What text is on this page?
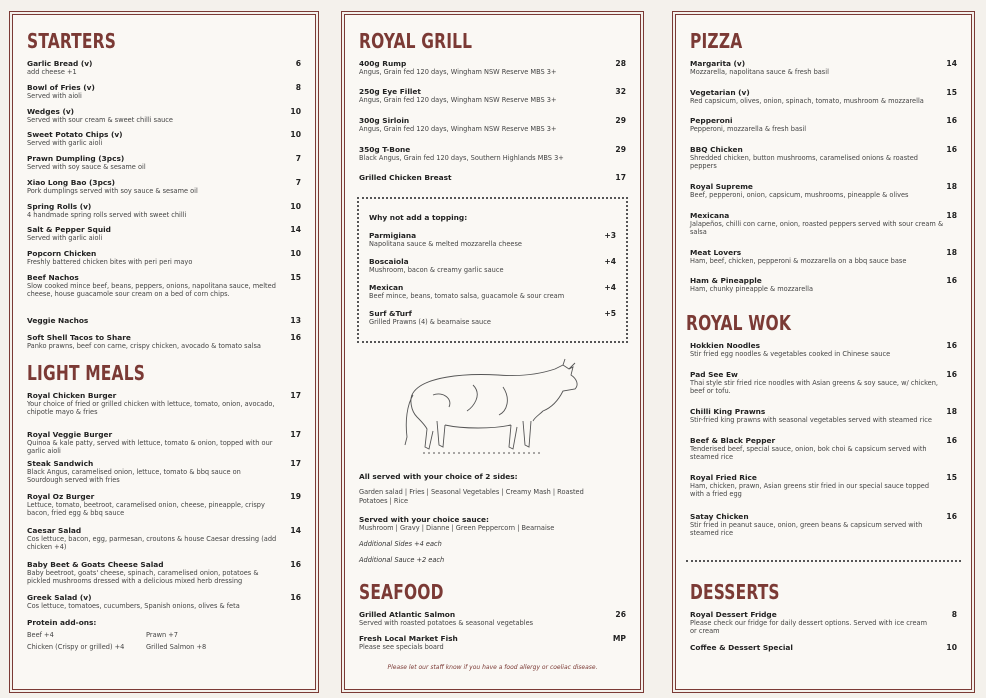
STARTERS
Garlic Bread (v)
add cheese +1
6
Bowl of Fries (v)
Served with aioli
8
Wedges (v)
Served with sour cream & sweet chilli sauce
10
Sweet Potato Chips (v)
Served with garlic aioli
10
Prawn Dumpling (3pcs)
Served with soy sauce & sesame oil
7
Xiao Long Bao (3pcs)
Pork dumplings served with soy sauce & sesame oil
7
Spring Rolls (v)
4 handmade spring rolls served with sweet chilli
10
Salt & Pepper Squid
Served with garlic aioli
14
Popcorn Chicken
Freshly battered chicken bites with peri peri mayo
10
Beef Nachos
Slow cooked mince beef, beans, peppers, onions, napolitana sauce, melted cheese, house guacamole sour cream on a bed of corn chips.
15
Veggie Nachos	13
Soft Shell Tacos to Share
Panko prawns, beef con carne, crispy chicken, avocado & tomato salsa
16
LIGHT MEALS
Royal Chicken Burger
Your choice of fried or grilled chicken with lettuce, tomato, onion, avocado, chipotle mayo & fries
17
Royal Veggie Burger
Quinoa & kale patty, served with lettuce, tomato & onion, topped with our garlic aioli
17
Steak Sandwich
Black Angus, caramelised onion, lettuce, tomato & bbq sauce on Sourdough served with fries
17
Royal Oz Burger
Lettuce, tomato, beetroot, caramelised onion, cheese, pineapple, crispy bacon, fried egg & bbq sauce
19
Caesar Salad
Cos lettuce, bacon, egg, parmesan, croutons & house Caesar dressing (add chicken +4)
14
Baby Beet & Goats Cheese Salad
Baby beetroot, goats' cheese, spinach, caramelised onion, potatoes & pickled mushrooms dressed with a delicious mixed herb dressing
16
Greek Salad (v)
Cos lettuce, tomatoes, cucumbers, Spanish onions, olives & feta
16
Protein add-ons:
Beef +4	Prawn +7
Chicken (Crispy or grilled) +4	Grilled Salmon +8
ROYAL GRILL
400g Rump
Angus, Grain fed 120 days, Wingham NSW Reserve MBS 3+
28
250g Eye Fillet
Angus, Grain fed 120 days, Wingham NSW Reserve MBS 3+
32
300g Sirloin
Angus, Grain fed 120 days, Wingham NSW Reserve MBS 3+
29
350g T-Bone
Black Angus, Grain fed 120 days, Southern Highlands MBS 3+
29
Grilled Chicken Breast	17
Why not add a topping:
Parmigiana
Napolitana sauce & melted mozzarella cheese
+3
Boscaiola
Mushroom, bacon & creamy garlic sauce
+4
Mexican
Beef mince, beans, tomato salsa, guacamole & sour cream
+4
Surf &Turf
Grilled Prawns (4) & bearnaise sauce
+5
All served with your choice of 2 sides:
Garden salad | Fries | Seasonal Vegetables | Creamy Mash | Roasted Potatoes | Rice
Served with your choice sauce:
Mushroom | Gravy | Dianne | Green Peppercorn | Bearnaise
Additional Sides +4 each
Additional Sauce +2 each
SEAFOOD
Grilled Atlantic Salmon
Served with roasted potatoes & seasonal vegetables
26
Fresh Local Market Fish
Please see specials board
MP
Please let our staff know if you have a food allergy or coeliac disease.
PIZZA
Margarita (v)
Mozzarella, napolitana sauce & fresh basil
14
Vegetarian (v)
Red capsicum, olives, onion, spinach, tomato, mushroom & mozzarella
15
Pepperoni
Pepperoni, mozzarella & fresh basil
16
BBQ Chicken
Shredded chicken, button mushrooms, caramelised onions & roasted peppers
16
Royal Supreme
Beef, pepperoni, onion, capsicum, mushrooms, pineapple & olives
18
Mexicana
Jalapeños, chilli con carne, onion, roasted peppers served with sour cream & salsa
18
Meat Lovers
Ham, beef, chicken, pepperoni & mozzarella on a bbq sauce base
18
Ham & Pineapple
Ham, chunky pineapple & mozzarella
16
ROYAL WOK
Hokkien Noodles
Stir fried egg noodles & vegetables cooked in Chinese sauce
16
Pad See Ew
Thai style stir fried rice noodles with Asian greens & soy sauce, w/ chicken, beef or tofu.
16
Chilli King Prawns
Stir-fried king prawns with seasonal vegetables served with steamed rice
18
Beef & Black Pepper
Tenderised beef, special sauce, onion, bok choi & capsicum served with steamed rice
16
Royal Fried Rice
Ham, chicken, prawn, Asian greens stir fried in our special sauce topped with a fried egg
15
Satay Chicken
Stir fried in peanut sauce, onion, green beans & capsicum served with steamed rice
16
DESSERTS
Royal Dessert Fridge
Please check our fridge for daily dessert options. Served with ice cream or cream
8
Coffee & Dessert Special	10
